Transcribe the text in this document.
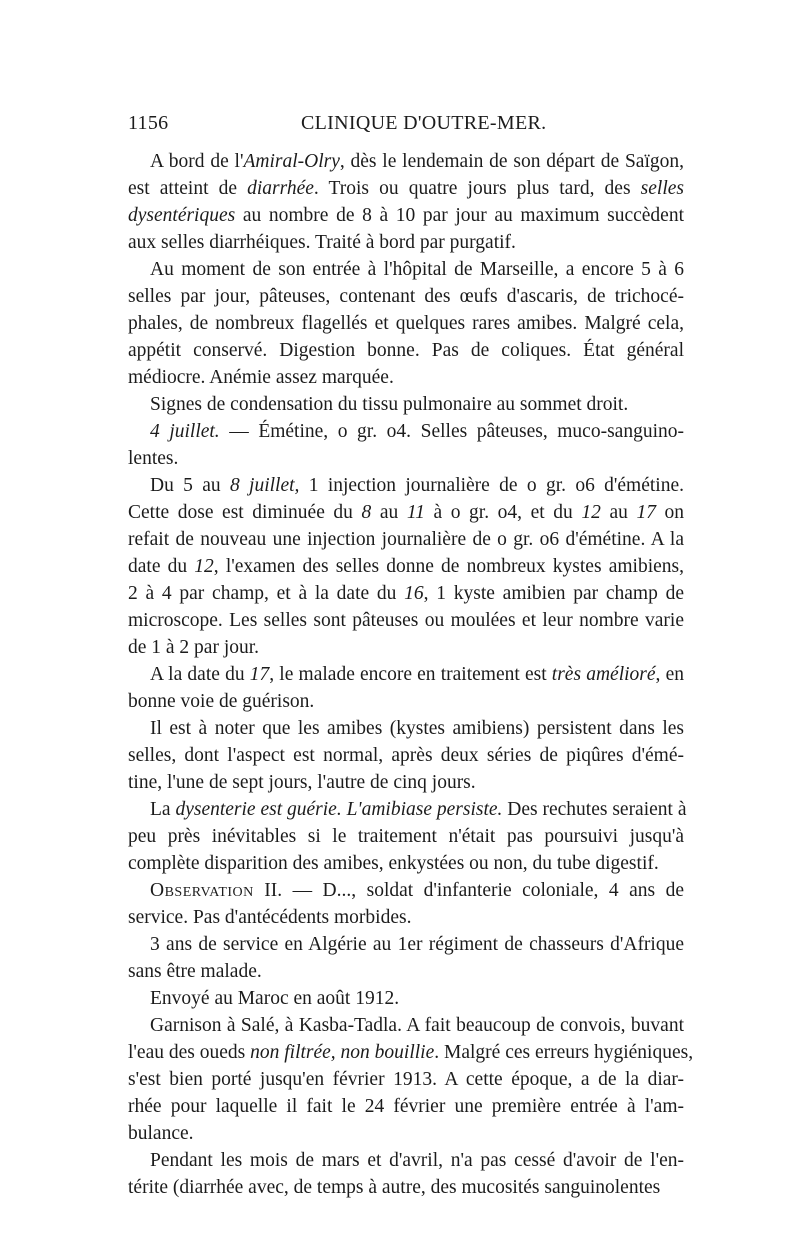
1156	CLINIQUE D'OUTRE-MER.

A bord de l'Amiral-Olry, dès le lendemain de son départ de Saïgon,
est atteint de diarrhée. Trois ou quatre jours plus tard, des selles
dysentériques au nombre de 8 à 10 par jour au maximum succèdent
aux selles diarrhéiques. Traité à bord par purgatif.

Au moment de son entrée à l'hôpital de Marseille, a encore 5 à 6
selles par jour, pâteuses, contenant des œufs d'ascaris, de trichocé-
phales, de nombreux flagellés et quelques rares amibes. Malgré cela,
appétit conservé. Digestion bonne. Pas de coliques. État général
médiocre. Anémie assez marquée.

Signes de condensation du tissu pulmonaire au sommet droit.

4 juillet. — Émétine, o gr. o4. Selles pâteuses, muco-sanguino-
lentes.

Du 5 au 8 juillet, 1 injection journalière de o gr. o6 d'émétine.
Cette dose est diminuée du 8 au 11 à o gr. o4, et du 12 au 17 on
refait de nouveau une injection journalière de o gr. o6 d'émétine. A la
date du 12, l'examen des selles donne de nombreux kystes amibiens,
2 à 4 par champ, et à la date du 16, 1 kyste amibien par champ de
microscope. Les selles sont pâteuses ou moulées et leur nombre varie
de 1 à 2 par jour.

A la date du 17, le malade encore en traitement est très amélioré, en
bonne voie de guérison.

Il est à noter que les amibes (kystes amibiens) persistent dans les
selles, dont l'aspect est normal, après deux séries de piqûres d'émé-
tine, l'une de sept jours, l'autre de cinq jours.

La dysenterie est guérie. L'amibiase persiste. Des rechutes seraient à
peu près inévitables si le traitement n'était pas poursuivi jusqu'à
complète disparition des amibes, enkystées ou non, du tube digestif.

Observation II. — D..., soldat d'infanterie coloniale, 4 ans de
service. Pas d'antécédents morbides.

3 ans de service en Algérie au 1er régiment de chasseurs d'Afrique
sans être malade.

Envoyé au Maroc en août 1912.

Garnison à Salé, à Kasba-Tadla. A fait beaucoup de convois, buvant
l'eau des oueds non filtrée, non bouillie. Malgré ces erreurs hygiéniques,
s'est bien porté jusqu'en février 1913. A cette époque, a de la diar-
rhée pour laquelle il fait le 24 février une première entrée à l'am-
bulance.

Pendant les mois de mars et d'avril, n'a pas cessé d'avoir de l'en-
térite (diarrhée avec, de temps à autre, des mucosités sanguinolentes
